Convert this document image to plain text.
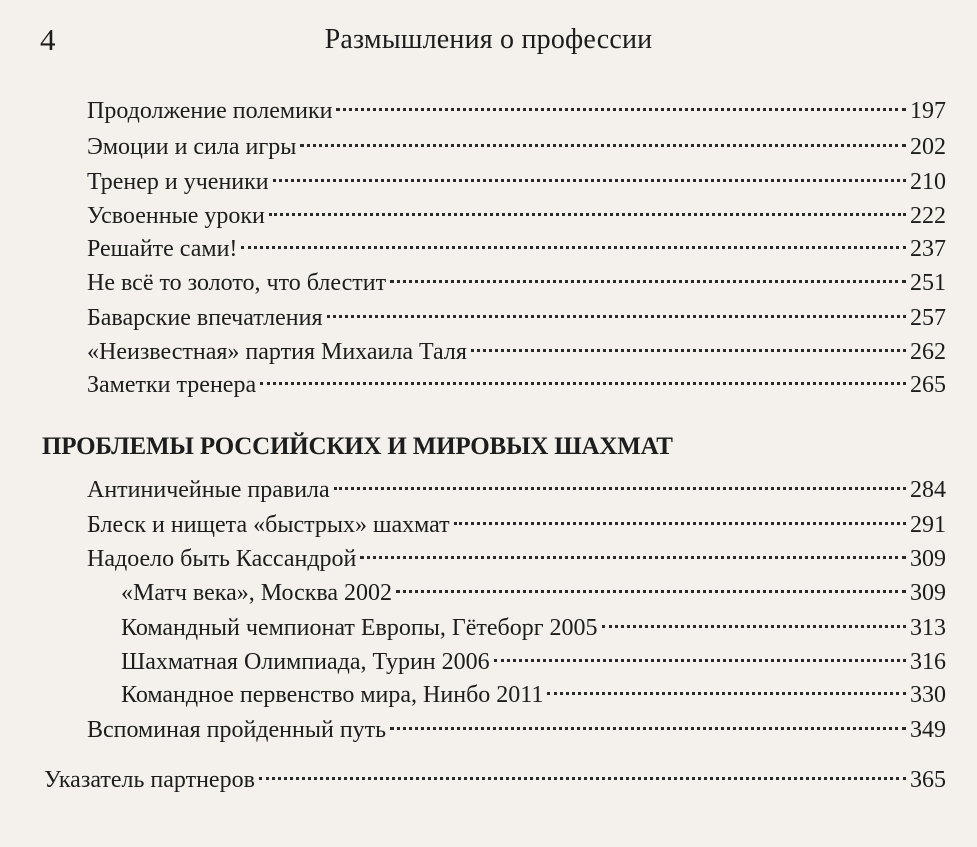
4	Размышления о профессии
Продолжение полемики	197
Эмоции и сила игры	202
Тренер и ученики	210
Усвоенные уроки	222
Решайте сами!	237
Не всё то золото, что блестит	251
Баварские впечатления	257
«Неизвестная» партия Михаила Таля	262
Заметки тренера	265
ПРОБЛЕМЫ РОССИЙСКИХ И МИРОВЫХ ШАХМАТ
Антиничейные правила	284
Блеск и нищета «быстрых» шахмат	291
Надоело быть Кассандрой	309
«Матч века», Москва 2002	309
Командный чемпионат Европы, Гётеборг 2005	313
Шахматная Олимпиада, Турин 2006	316
Командное первенство мира, Нинбо 2011	330
Вспоминая пройденный путь	349
Указатель партнеров	365
